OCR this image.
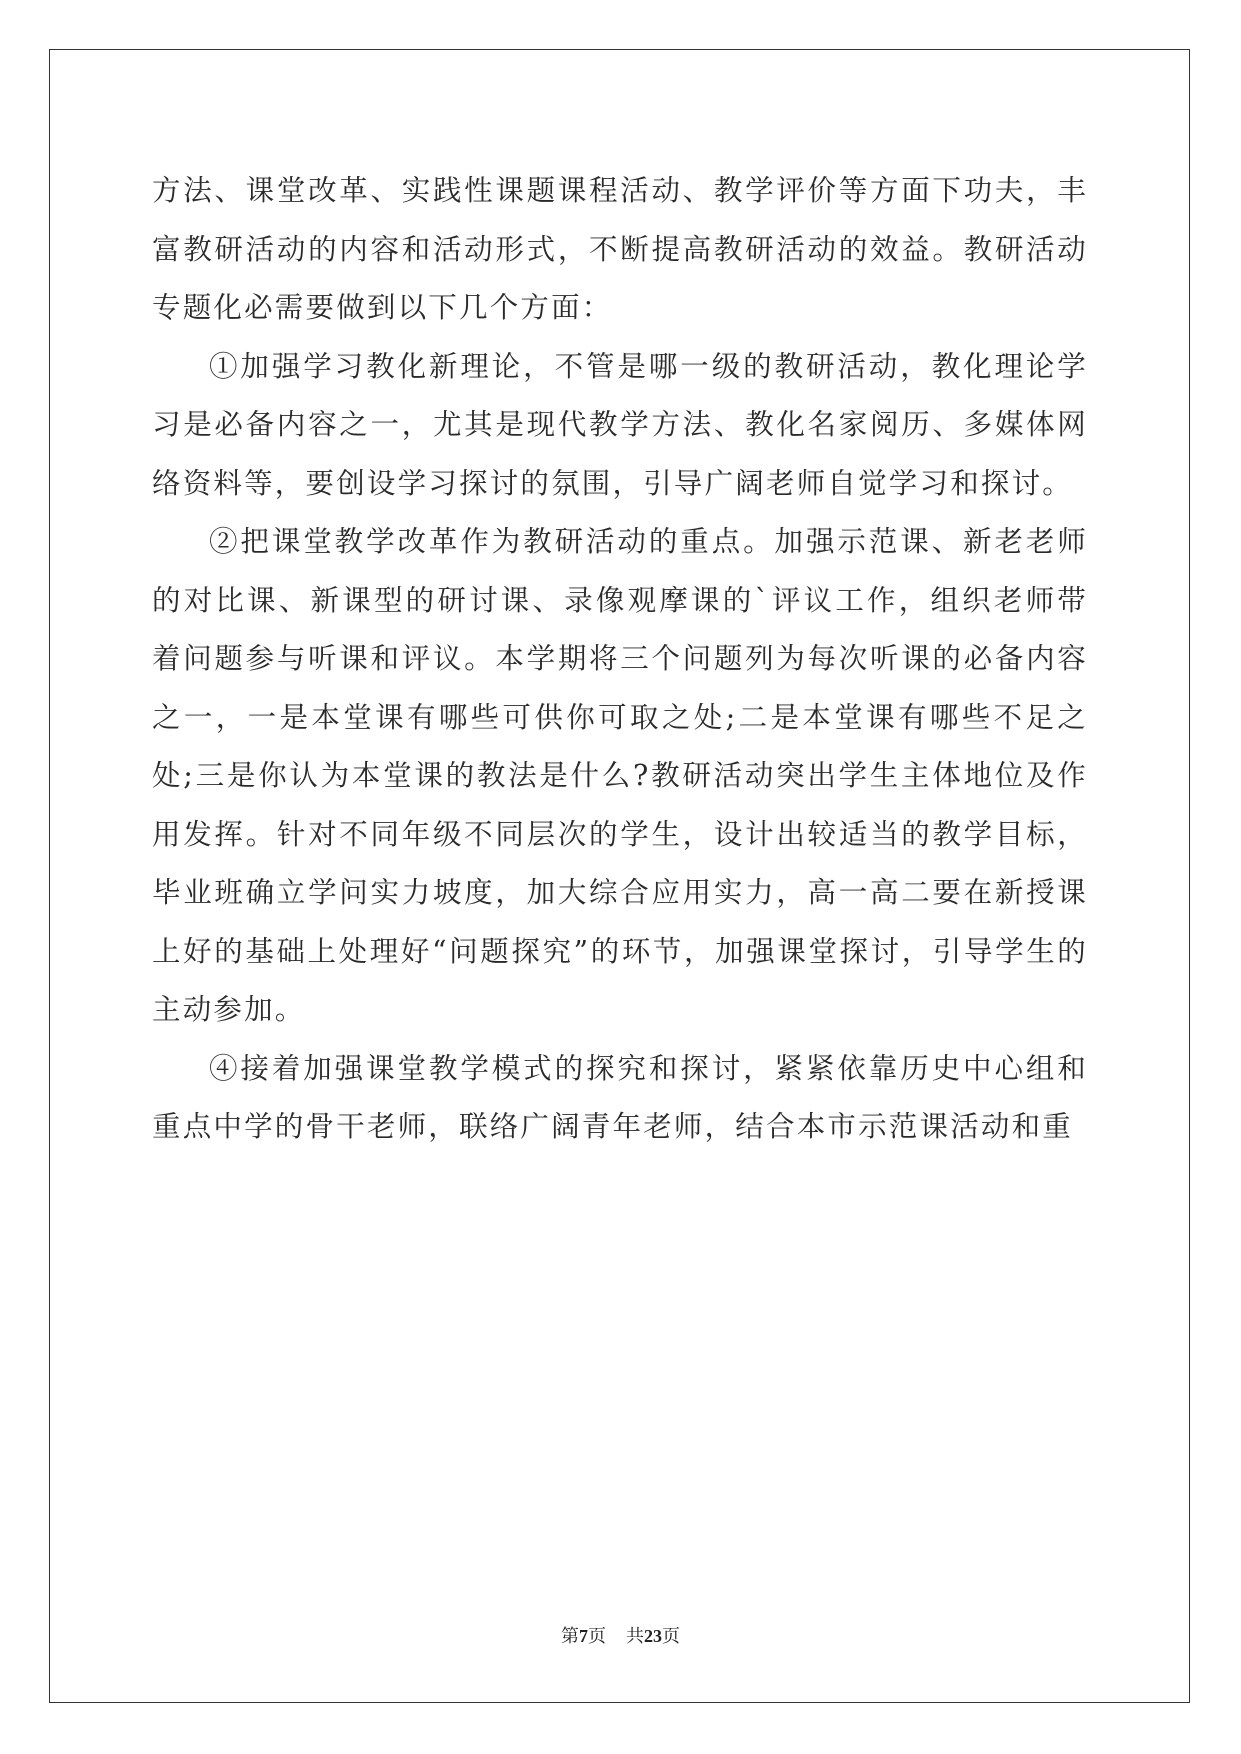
方法、课堂改革、实践性课题课程活动、教学评价等方面下功夫，丰富教研活动的内容和活动形式，不断提高教研活动的效益。教研活动专题化必需要做到以下几个方面：

①加强学习教化新理论，不管是哪一级的教研活动，教化理论学习是必备内容之一，尤其是现代教学方法、教化名家阅历、多媒体网络资料等，要创设学习探讨的氛围，引导广阔老师自觉学习和探讨。

②把课堂教学改革作为教研活动的重点。加强示范课、新老老师的对比课、新课型的研讨课、录像观摩课的`评议工作，组织老师带着问题参与听课和评议。本学期将三个问题列为每次听课的必备内容之一，一是本堂课有哪些可供你可取之处;二是本堂课有哪些不足之处;三是你认为本堂课的教法是什么?教研活动突出学生主体地位及作用发挥。针对不同年级不同层次的学生，设计出较适当的教学目标，毕业班确立学问实力坡度，加大综合应用实力，高一高二要在新授课上好的基础上处理好“问题探究”的环节，加强课堂探讨，引导学生的主动参加。

④接着加强课堂教学模式的探究和探讨，紧紧依靠历史中心组和重点中学的骨干老师，联络广阔青年老师，结合本市示范课活动和重

第7页 共23页
